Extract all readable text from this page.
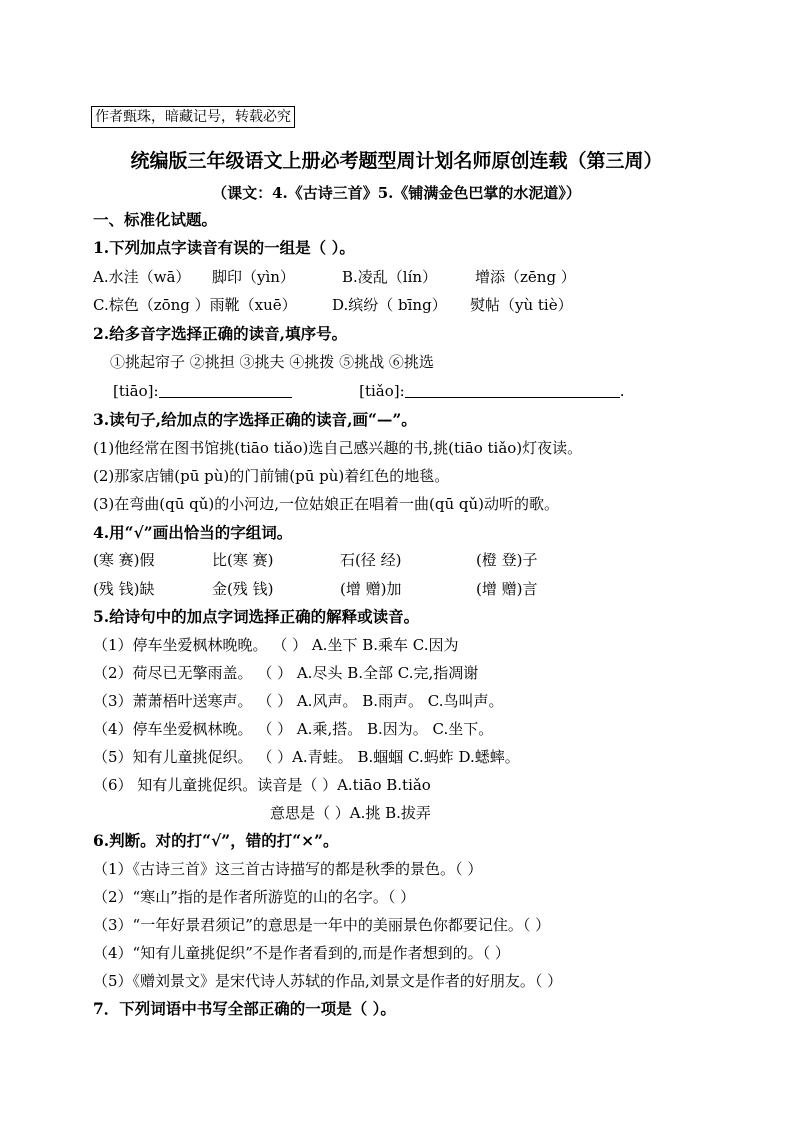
作者甄珠，暗藏记号，转载必究
统编版三年级语文上册必考题型周计划名师原创连载（第三周）
（课文：4.《古诗三首》5.《铺满金色巴掌的水泥道》）
一、标准化试题。
1.下列加点字读音有误的一组是（ ）。
A.水洼（wā） 脚印（yìn）	B.凌乱（lín）	增添（zēng ）
C.棕色（zōng ）雨靴（xuē） D.缤纷（ bīng） 熨帖（yù tiè）
2.给多音字选择正确的读音,填序号。
①挑起帘子 ②挑担 ③挑夫 ④挑拨 ⑤挑战 ⑥挑选
[tiāo]:	[tiǎo]:	.
3.读句子,给加点的字选择正确的读音,画“—”。
(1)他经常在图书馆挑(tiāo tiǎo)选自己感兴趣的书,挑(tiāo tiǎo)灯夜读。
(2)那家店铺(pū pù)的门前铺(pū pù)着红色的地毯。
(3)在弯曲(qū qǔ)的小河边,一位姑娘正在唱着一曲(qū qǔ)动听的歌。
4.用“√”画出恰当的字组词。
(寒 赛)假	比(寒 赛)	石(径 经)	(橙 登)子
(残 钱)缺	金(残 钱)	(增 赠)加	(增 赠)言
5.给诗句中的加点字词选择正确的解释或读音。
（1）停车坐爱枫林晚晚。 （ ） A.坐下 B.乘车 C.因为
（2）荷尽已无擎雨盖。 （ ） A.尽头 B.全部 C.完,指凋谢
（3）萧萧梧叶送寒声。 （ ） A.风声。 B.雨声。 C.鸟叫声。
（4）停车坐爱枫林晚。 （ ） A.乘,搭。 B.因为。 C.坐下。
（5）知有儿童挑促织。 （ ）A.青蛙。 B.蝈蝈 C.蚂蚱 D.蟋蟀。
（6） 知有儿童挑促织。读音是（ ）A.tiāo B.tiǎo
意思是（ ）A.挑 B.拔弄
6.判断。对的打“√”，错的打“×”。
（1）《古诗三首》这三首古诗描写的都是秋季的景色。（ ）
（2）“寒山”指的是作者所游览的山的名字。（ ）
（3）“一年好景君须记”的意思是一年中的美丽景色你都要记住。（ ）
（4）“知有儿童挑促织”不是作者看到的,而是作者想到的。（ ）
（5）《赠刘景文》是宋代诗人苏轼的作品,刘景文是作者的好朋友。（ ）
7．下列词语中书写全部正确的一项是（ ）。
